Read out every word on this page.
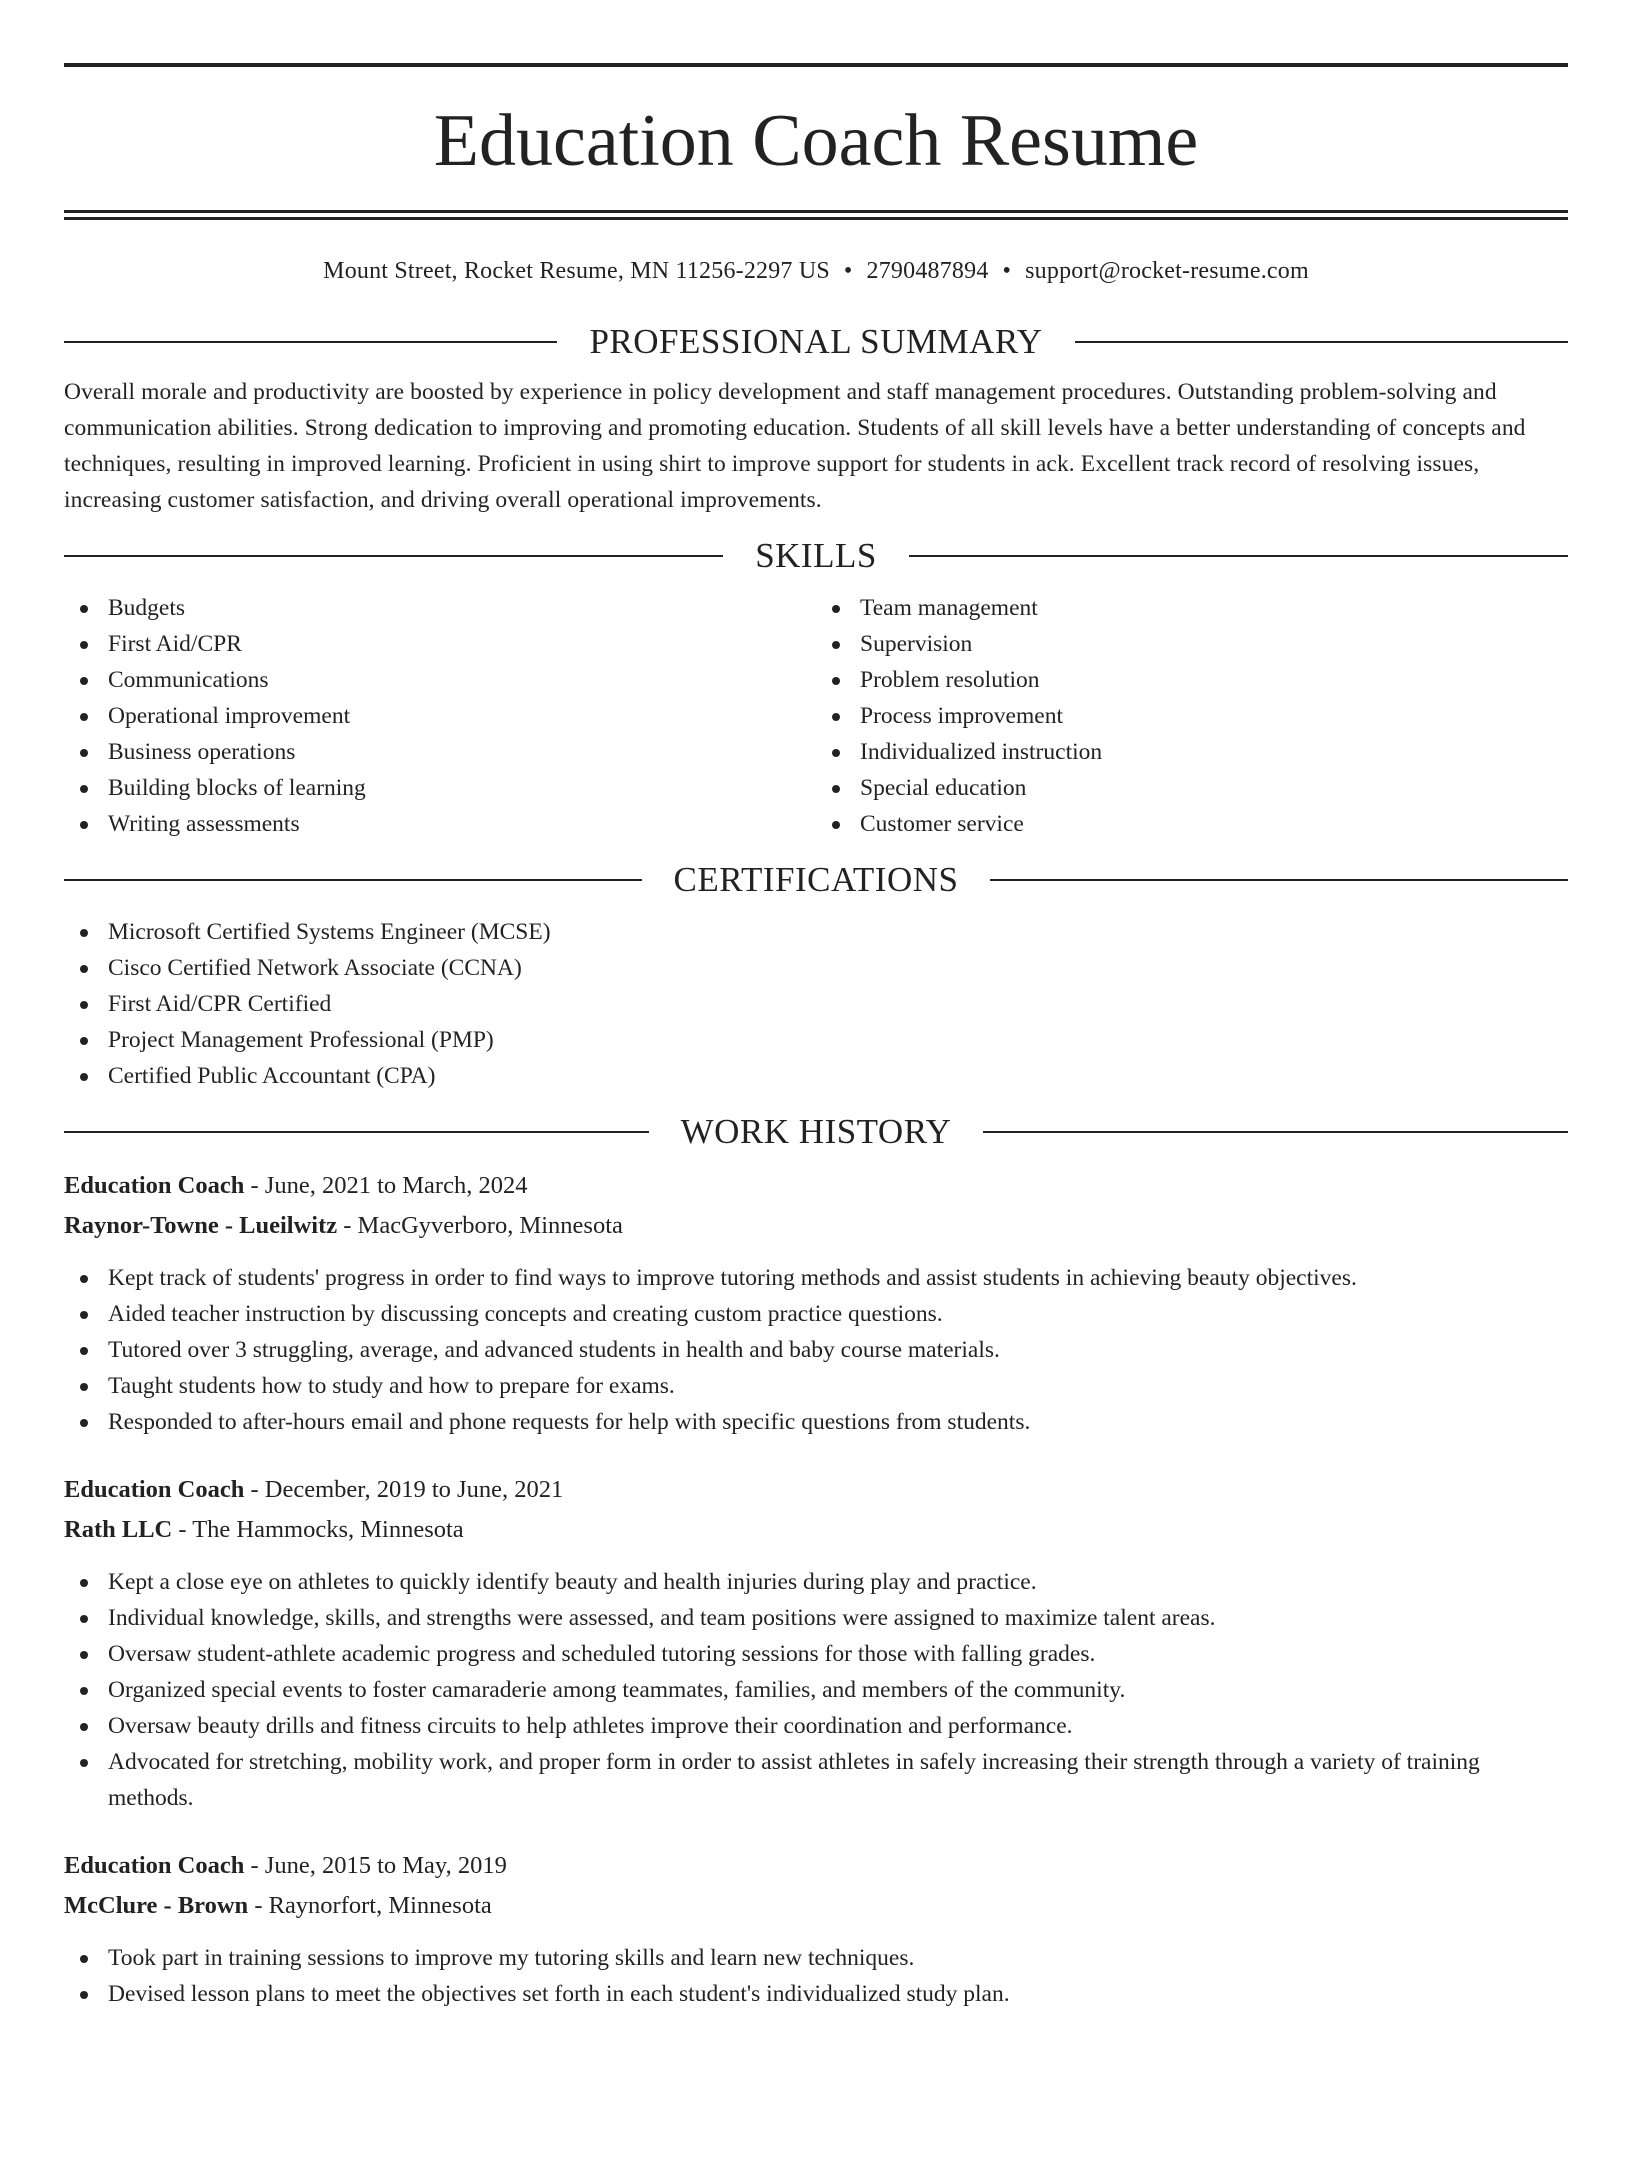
Education Coach Resume
Mount Street, Rocket Resume, MN 11256-2297 US • 2790487894 • support@rocket-resume.com
PROFESSIONAL SUMMARY
Overall morale and productivity are boosted by experience in policy development and staff management procedures. Outstanding problem-solving and communication abilities. Strong dedication to improving and promoting education. Students of all skill levels have a better understanding of concepts and techniques, resulting in improved learning. Proficient in using shirt to improve support for students in ack. Excellent track record of resolving issues, increasing customer satisfaction, and driving overall operational improvements.
SKILLS
Budgets
First Aid/CPR
Communications
Operational improvement
Business operations
Building blocks of learning
Writing assessments
Team management
Supervision
Problem resolution
Process improvement
Individualized instruction
Special education
Customer service
CERTIFICATIONS
Microsoft Certified Systems Engineer (MCSE)
Cisco Certified Network Associate (CCNA)
First Aid/CPR Certified
Project Management Professional (PMP)
Certified Public Accountant (CPA)
WORK HISTORY
Education Coach - June, 2021 to March, 2024
Raynor-Towne - Lueilwitz - MacGyverboro, Minnesota
Kept track of students' progress in order to find ways to improve tutoring methods and assist students in achieving beauty objectives.
Aided teacher instruction by discussing concepts and creating custom practice questions.
Tutored over 3 struggling, average, and advanced students in health and baby course materials.
Taught students how to study and how to prepare for exams.
Responded to after-hours email and phone requests for help with specific questions from students.
Education Coach - December, 2019 to June, 2021
Rath LLC - The Hammocks, Minnesota
Kept a close eye on athletes to quickly identify beauty and health injuries during play and practice.
Individual knowledge, skills, and strengths were assessed, and team positions were assigned to maximize talent areas.
Oversaw student-athlete academic progress and scheduled tutoring sessions for those with falling grades.
Organized special events to foster camaraderie among teammates, families, and members of the community.
Oversaw beauty drills and fitness circuits to help athletes improve their coordination and performance.
Advocated for stretching, mobility work, and proper form in order to assist athletes in safely increasing their strength through a variety of training methods.
Education Coach - June, 2015 to May, 2019
McClure - Brown - Raynorfort, Minnesota
Took part in training sessions to improve my tutoring skills and learn new techniques.
Devised lesson plans to meet the objectives set forth in each student's individualized study plan.
